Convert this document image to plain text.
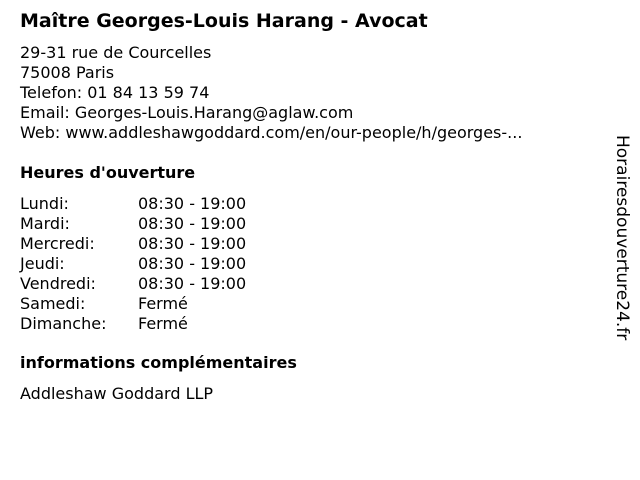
Maître Georges-Louis Harang - Avocat
29-31 rue de Courcelles
75008 Paris
Telefon: 01 84 13 59 74
Email: Georges-Louis.Harang@aglaw.com
Web: www.addleshawgoddard.com/en/our-people/h/georges-...
Heures d'ouverture
Lundi:	08:30 - 19:00
Mardi:	08:30 - 19:00
Mercredi:	08:30 - 19:00
Jeudi:	08:30 - 19:00
Vendredi:	08:30 - 19:00
Samedi:	Fermé
Dimanche:	Fermé
informations complémentaires
Addleshaw Goddard LLP
Horairesdouverture24.fr
